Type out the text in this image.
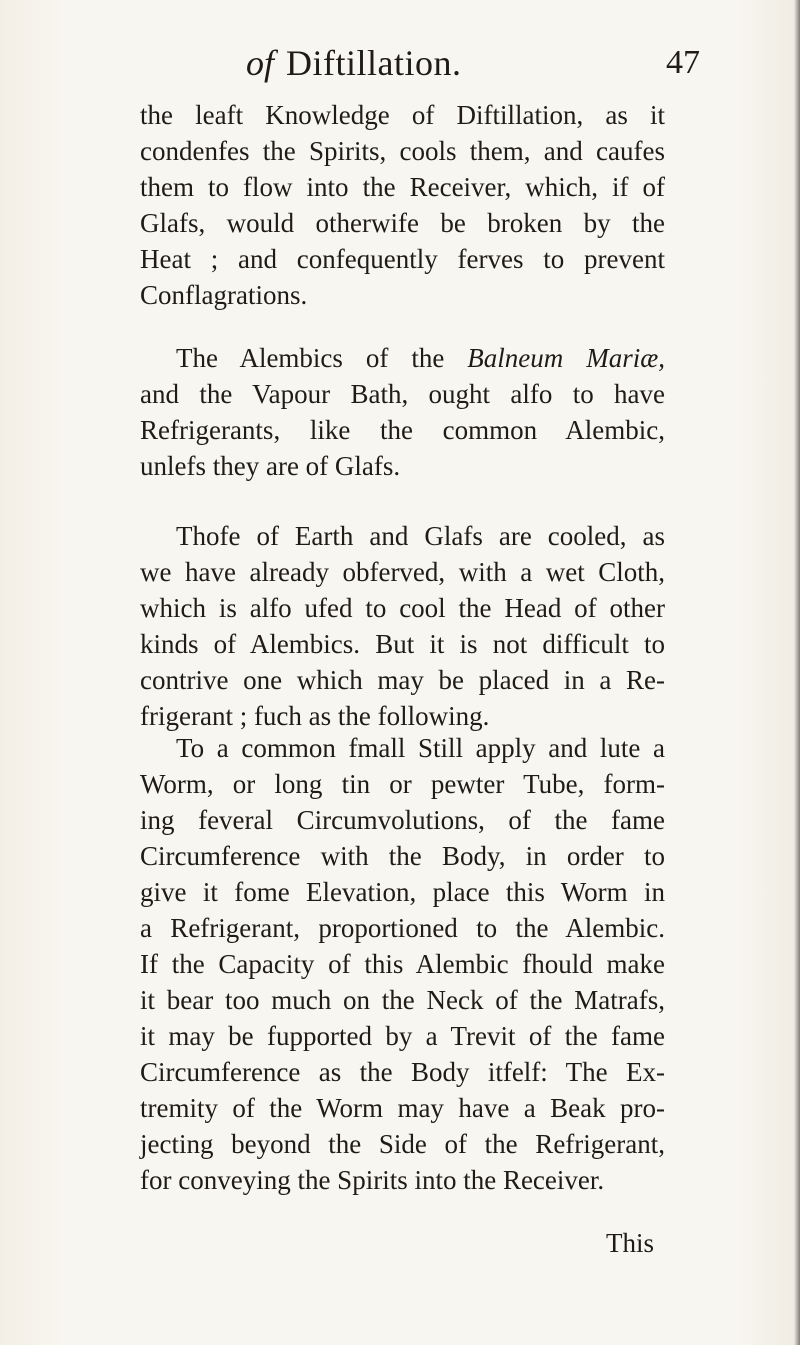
of Diftillation.	47
the leaft Knowledge of Diftillation, as it
condenfes the Spirits, cools them, and caufes
them to flow into the Receiver, which, if of
Glafs, would otherwife be broken by the
Heat ; and confequently ferves to prevent
Conflagrations.
The Alembics of the Balneum Mariæ,
and the Vapour Bath, ought alfo to have
Refrigerants, like the common Alembic,
unlefs they are of Glafs.
Thofe of Earth and Glafs are cooled, as
we have already obferved, with a wet Cloth,
which is alfo ufed to cool the Head of other
kinds of Alembics. But it is not difficult to
contrive one which may be placed in a Re-
frigerant ; fuch as the following.
To a common fmall Still apply and lute a
Worm, or long tin or pewter Tube, form-
ing feveral Circumvolutions, of the fame
Circumference with the Body, in order to
give it fome Elevation, place this Worm in
a Refrigerant, proportioned to the Alembic.
If the Capacity of this Alembic fhould make
it bear too much on the Neck of the Matrafs,
it may be fupported by a Trevit of the fame
Circumference as the Body itfelf: The Ex-
tremity of the Worm may have a Beak pro-
jecting beyond the Side of the Refrigerant,
for conveying the Spirits into the Receiver.
This
